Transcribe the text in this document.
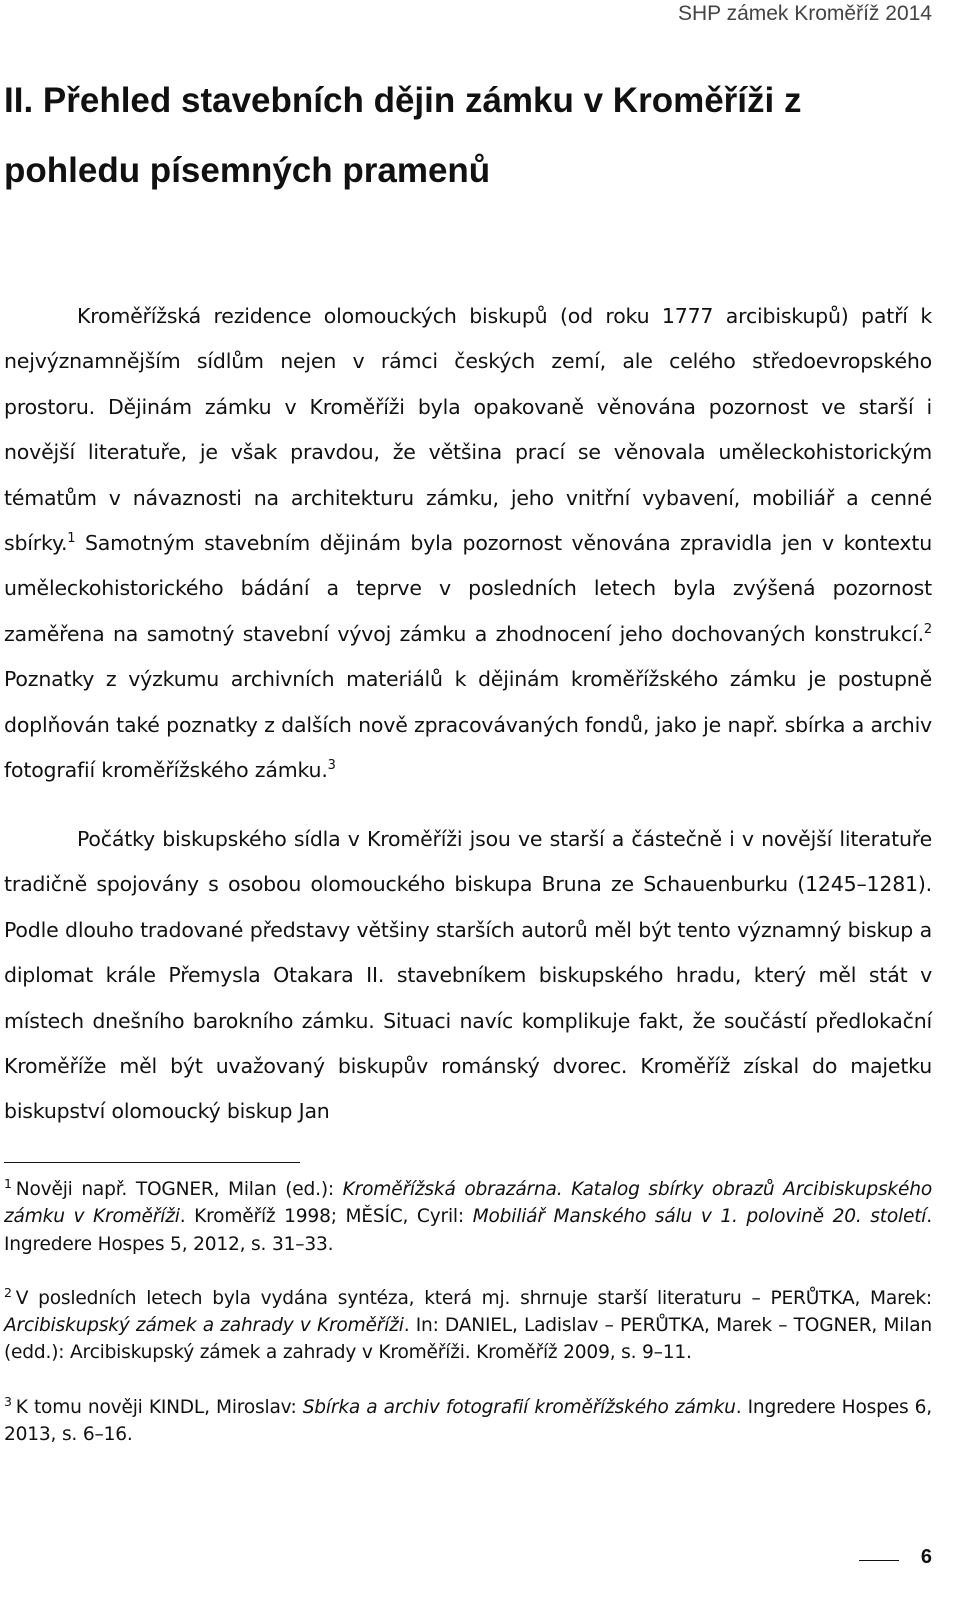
SHP zámek Kroměříž 2014
II. Přehled stavebních dějin zámku v Kroměříži z pohledu písemných pramenů

Kroměřížská rezidence olomouckých biskupů (od roku 1777 arcibiskupů) patří k nejvýznamnějším sídlům nejen v rámci českých zemí, ale celého středoevropského prostoru. Dějinám zámku v Kroměříži byla opakovaně věnována pozornost ve starší i novější literatuře, je však pravdou, že většina prací se věnovala uměleckohistorickým tématům v návaznosti na architekturu zámku, jeho vnitřní vybavení, mobiliář a cenné sbírky.$^1$ Samotným stavebním dějinám byla pozornost věnována zpravidla jen v kontextu uměleckohistorického bádání a teprve v posledních letech byla zvýšená pozornost zaměřena na samotný stavební vývoj zámku a zhodnocení jeho dochovaných konstrukcí.$^2$ Poznatky z výzkumu archivních materiálů k dějinám kroměřížského zámku je postupně doplňován také poznatky z dalších nově zpracovávaných fondů, jako je např. sbírka a archiv fotografií kroměřížského zámku.$^3$

Počátky biskupského sídla v Kroměříži jsou ve starší a částečně i v novější literatuře tradičně spojovány s osobou olomouckého biskupa Bruna ze Schauenburku (1245–1281). Podle dlouho tradované představy většiny starších autorů měl být tento významný biskup a diplomat krále Přemysla Otakara II. stavebníkem biskupského hradu, který měl stát v místech dnešního barokního zámku. Situaci navíc komplikuje fakt, že součástí předlokační Kroměříže měl být uvažovaný biskupův románský dvorec. Kroměříž získal do majetku biskupství olomoucký biskup Jan

$^1$ Nověji např. TOGNER, Milan (ed.): Kroměřížská obrazárna. Katalog sbírky obrazů Arcibiskupského zámku v Kroměříži. Kroměříž 1998; MĚSÍC, Cyril: Mobiliář Manského sálu v 1. polovině 20. století. Ingredere Hospes 5, 2012, s. 31–33.

$^2$ V posledních letech byla vydána syntéza, která mj. shrnuje starší literaturu – PERŮTKA, Marek: Arcibiskupský zámek a zahrady v Kroměříži. In: DANIEL, Ladislav – PERŮTKA, Marek – TOGNER, Milan (edd.): Arcibiskupský zámek a zahrady v Kroměříži. Kroměříž 2009, s. 9–11.

$^3$ K tomu nověji KINDL, Miroslav: Sbírka a archiv fotografií kroměřížského zámku. Ingredere Hospes 6, 2013, s. 6–16.

6
